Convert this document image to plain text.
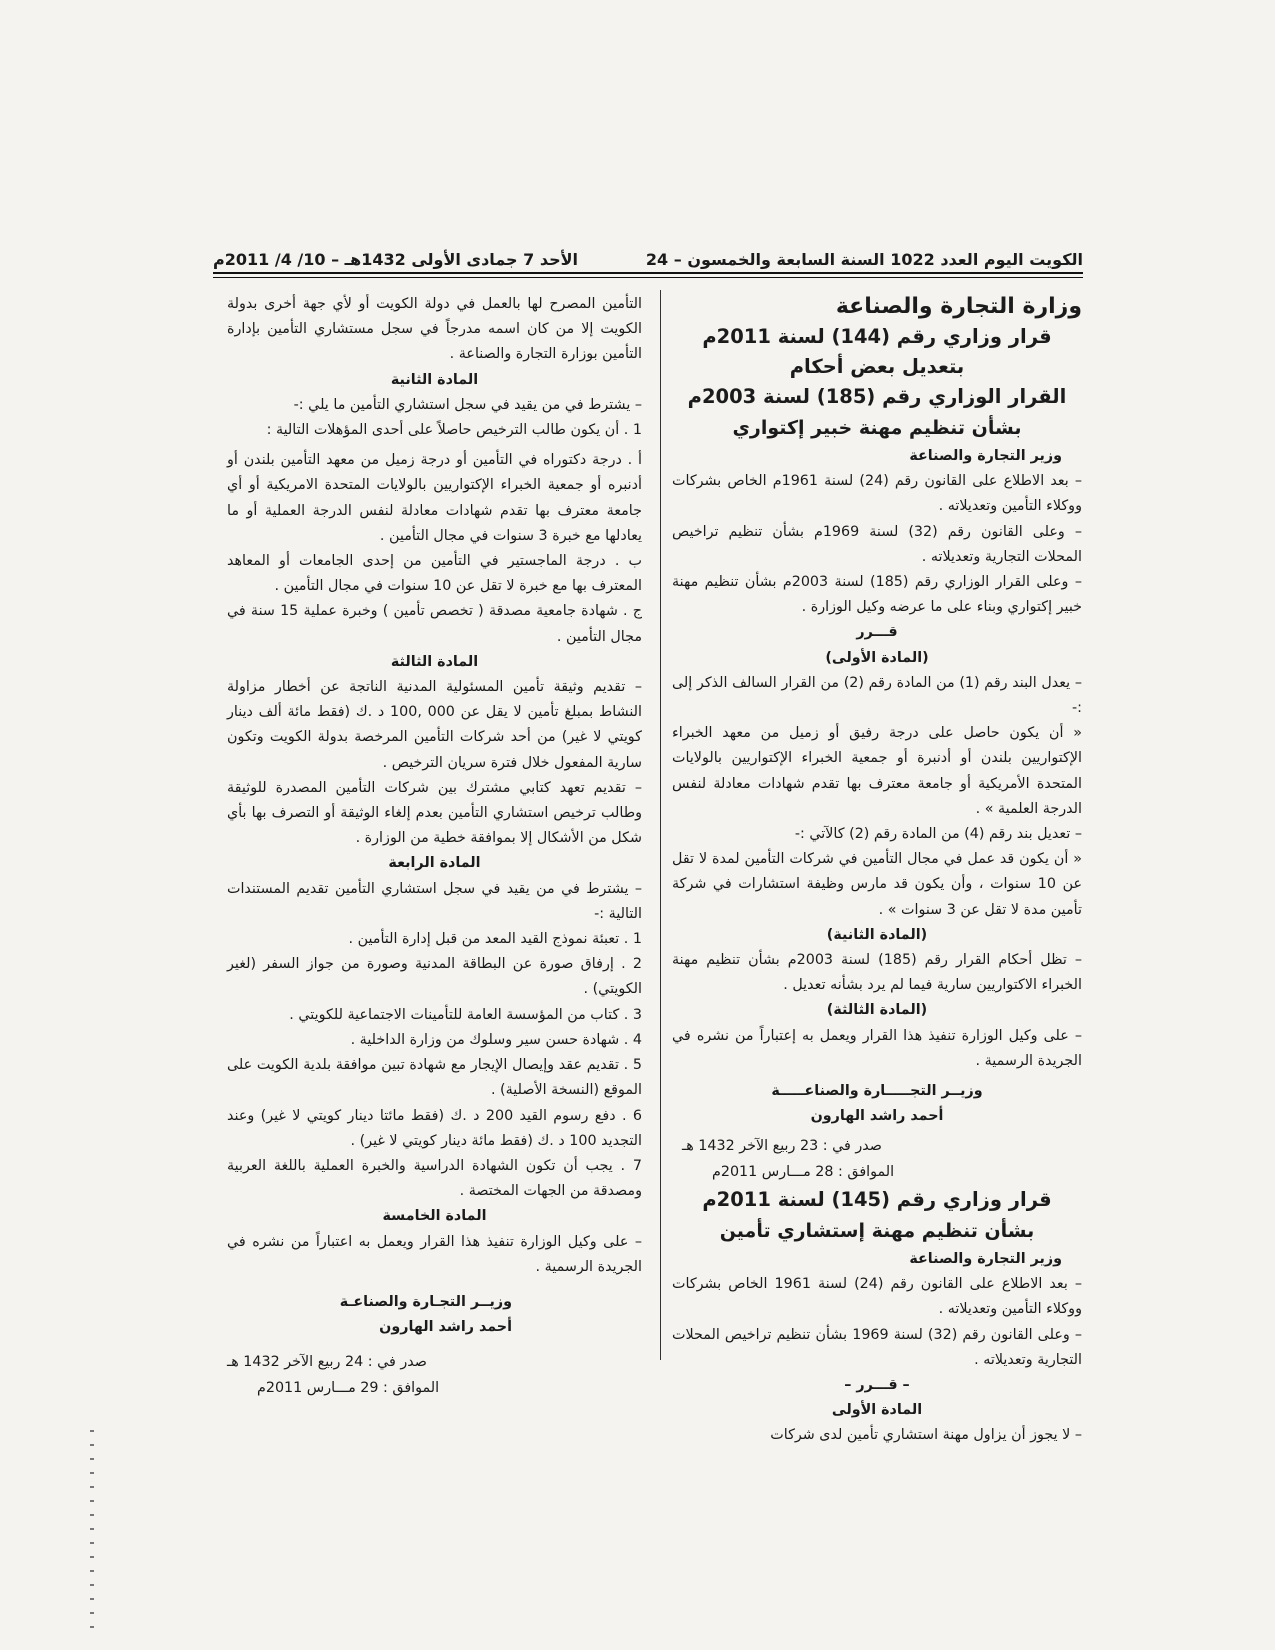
الكويت اليوم العدد 1022 السنة السابعة والخمسون – 24
الأحد 7 جمادى الأولى 1432هـ – 10/ 4/ 2011م

وزارة التجارة والصناعة

قرار وزاري رقم (144) لسنة 2011م بتعديل بعض أحكام

القرار الوزاري رقم (185) لسنة 2003م

بشأن تنظيم مهنة خبير إكتواري

وزير التجارة والصناعة

– بعد الاطلاع على القانون رقم (24) لسنة 1961م الخاص بشركات ووكلاء التأمين وتعديلاته .

– وعلى القانون رقم (32) لسنة 1969م بشأن تنظيم تراخيص المحلات التجارية وتعديلاته .

– وعلى القرار الوزاري رقم (185) لسنة 2003م بشأن تنظيم مهنة خبير إكتواري وبناء على ما عرضه وكيل الوزارة .

قـــرر

(المادة الأولى)

– يعدل البند رقم (1) من المادة رقم (2) من القرار السالف الذكر إلى :-

« أن يكون حاصل على درجة رفيق أو زميل من معهد الخبراء الإكتواريين بلندن أو أدنبرة أو جمعية الخبراء الإكتواريين بالولايات المتحدة الأمريكية أو جامعة معترف بها تقدم شهادات معادلة لنفس الدرجة العلمية » .

– تعديل بند رقم (4) من المادة رقم (2) كالآتي :-

« أن يكون قد عمل في مجال التأمين في شركات التأمين لمدة لا تقل عن 10 سنوات ، وأن يكون قد مارس وظيفة استشارات في شركة تأمين مدة لا تقل عن 3 سنوات » .

(المادة الثانية)

– تظل أحكام القرار رقم (185) لسنة 2003م بشأن تنظيم مهنة الخبراء الاكتواريين سارية فيما لم يرد بشأنه تعديل .

(المادة الثالثة)

– على وكيل الوزارة تنفيذ هذا القرار ويعمل به إعتباراً من نشره في الجريدة الرسمية .

وزيــر التجـــــارة والصناعـــــة

أحمد راشد الهارون

صدر في : 23 ربيع الآخر 1432 هـ

الموافق : 28 مـــارس 2011م

قرار وزاري رقم (145) لسنة 2011م

بشأن تنظيم مهنة إستشاري تأمين

وزير التجارة والصناعة

– بعد الاطلاع على القانون رقم (24) لسنة 1961 الخاص بشركات ووكلاء التأمين وتعديلاته .

– وعلى القانون رقم (32) لسنة 1969 بشأن تنظيم تراخيص المحلات التجارية وتعديلاته .

– قـــرر –

المادة الأولى

– لا يجوز أن يزاول مهنة استشاري تأمين لدى شركات

التأمين المصرح لها بالعمل في دولة الكويت أو لأي جهة أخرى بدولة الكويت إلا من كان اسمه مدرجاً في سجل مستشاري التأمين بإدارة التأمين بوزارة التجارة والصناعة .

المادة الثانية

– يشترط في من يقيد في سجل استشاري التأمين ما يلي :-

1 . أن يكون طالب الترخيص حاصلاً على أحدى المؤهلات التالية :

أ . درجة دكتوراه في التأمين أو درجة زميل من معهد التأمين بلندن أو أدنبره أو جمعية الخبراء الإكتواريين بالولايات المتحدة الامريكية أو أي جامعة معترف بها تقدم شهادات معادلة لنفس الدرجة العملية أو ما يعادلها مع خبرة 3 سنوات في مجال التأمين .

ب . درجة الماجستير في التأمين من إحدى الجامعات أو المعاهد المعترف بها مع خبرة لا تقل عن 10 سنوات في مجال التأمين .

ج . شهادة جامعية مصدقة ( تخصص تأمين ) وخبرة عملية 15 سنة في مجال التأمين .

المادة الثالثة

– تقديم وثيقة تأمين المسئولية المدنية الناتجة عن أخطار مزاولة النشاط بمبلغ تأمين لا يقل عن 000 ,100 د .ك (فقط مائة ألف دينار كويتي لا غير) من أحد شركات التأمين المرخصة بدولة الكويت وتكون سارية المفعول خلال فترة سريان الترخيص .

– تقديم تعهد كتابي مشترك بين شركات التأمين المصدرة للوثيقة وطالب ترخيص استشاري التأمين بعدم إلغاء الوثيقة أو التصرف بها بأي شكل من الأشكال إلا بموافقة خطية من الوزارة .

المادة الرابعة

– يشترط في من يقيد في سجل استشاري التأمين تقديم المستندات التالية :-

1 . تعبئة نموذج القيد المعد من قبل إدارة التأمين .

2 . إرفاق صورة عن البطاقة المدنية وصورة من جواز السفر (لغير الكويتي) .

3 . كتاب من المؤسسة العامة للتأمينات الاجتماعية للكويتي .

4 . شهادة حسن سير وسلوك من وزارة الداخلية .

5 . تقديم عقد وإيصال الإيجار مع شهادة تبين موافقة بلدية الكويت على الموقع (النسخة الأصلية) .

6 . دفع رسوم القيد 200 د .ك (فقط مائتا دينار كويتي لا غير) وعند التجديد 100 د .ك (فقط مائة دينار كويتي لا غير) .

7 . يجب أن تكون الشهادة الدراسية والخبرة العملية باللغة العربية ومصدقة من الجهات المختصة .

المادة الخامسة

– على وكيل الوزارة تنفيذ هذا القرار ويعمل به اعتباراً من نشره في الجريدة الرسمية .

وزيــر التجـارة والصناعـة

أحمد راشد الهارون

صدر في : 24 ربيع الآخر 1432 هـ

الموافق : 29 مـــارس 2011م
